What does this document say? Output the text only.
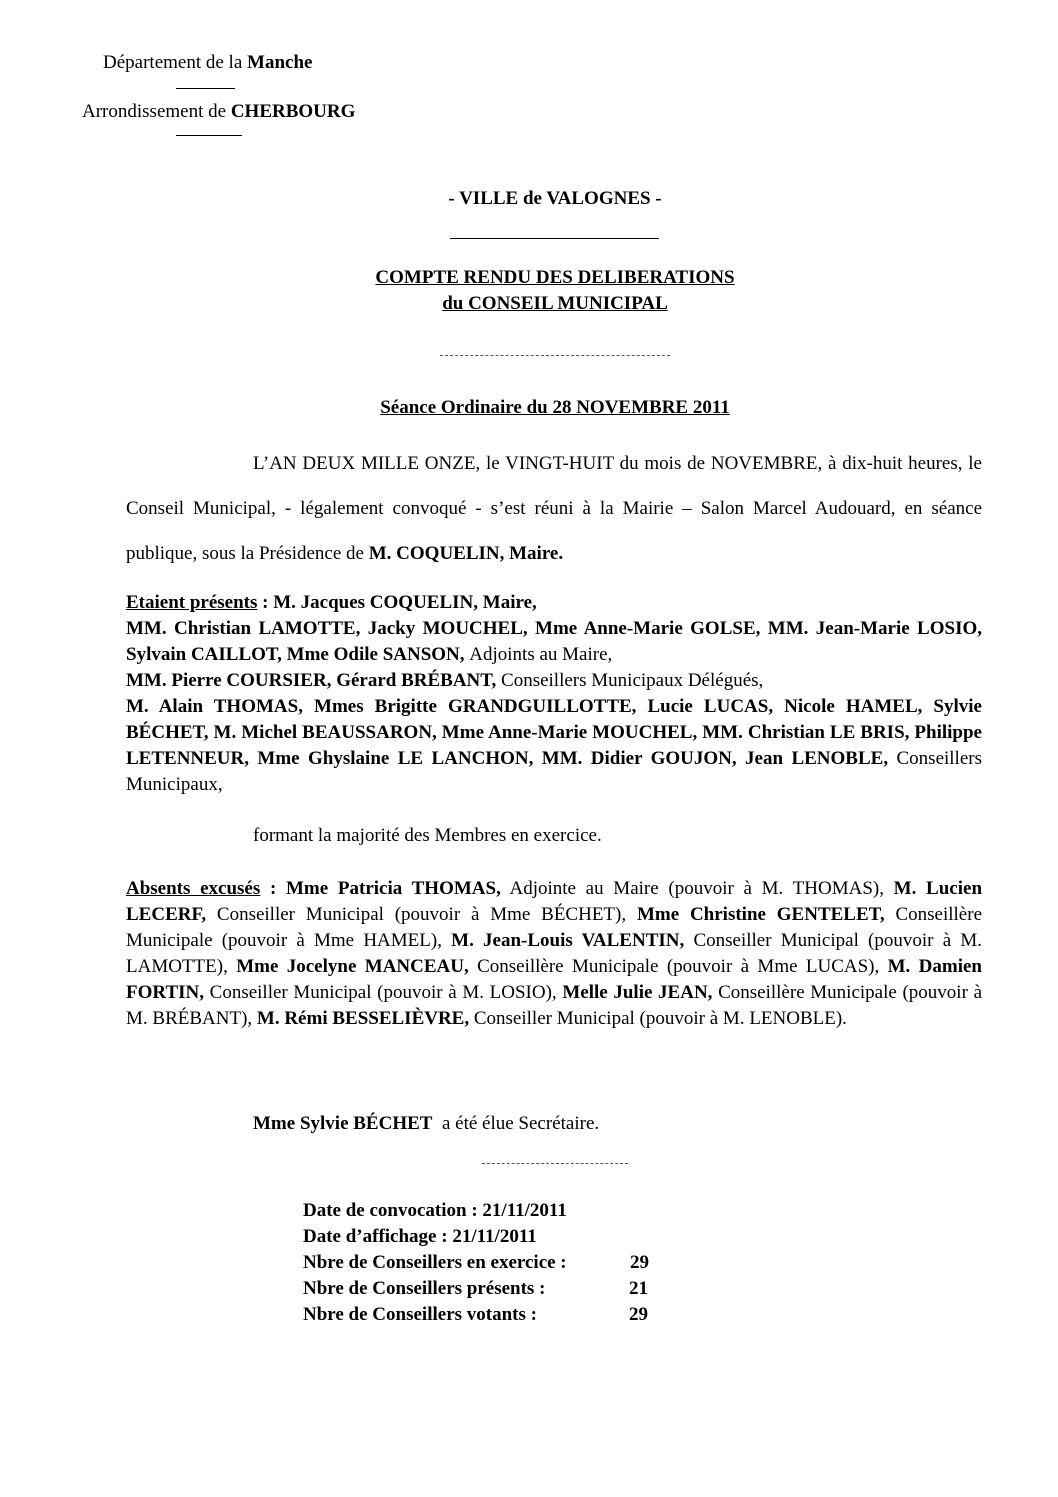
Département de la Manche
Arrondissement de CHERBOURG
- VILLE de VALOGNES -
COMPTE RENDU DES DELIBERATIONS
du CONSEIL MUNICIPAL
Séance Ordinaire du 28 NOVEMBRE 2011
L’AN DEUX MILLE ONZE, le VINGT-HUIT du mois de NOVEMBRE, à dix-huit heures, le Conseil Municipal, - légalement convoqué - s’est réuni à la Mairie – Salon Marcel Audouard, en séance publique, sous la Présidence de M. COQUELIN, Maire.
Etaient présents : M. Jacques COQUELIN, Maire,
MM. Christian LAMOTTE, Jacky MOUCHEL, Mme Anne-Marie GOLSE, MM. Jean-Marie LOSIO, Sylvain CAILLOT, Mme Odile SANSON, Adjoints au Maire,
MM. Pierre COURSIER, Gérard BRÉBANT, Conseillers Municipaux Délégués,
M. Alain THOMAS, Mmes Brigitte GRANDGUILLOTTE, Lucie LUCAS, Nicole HAMEL, Sylvie BÉCHET, M. Michel BEAUSSARON, Mme Anne-Marie MOUCHEL, MM. Christian LE BRIS, Philippe LETENNEUR, Mme Ghyslaine LE LANCHON, MM. Didier GOUJON, Jean LENOBLE, Conseillers Municipaux,
formant la majorité des Membres en exercice.
Absents excusés : Mme Patricia THOMAS, Adjointe au Maire (pouvoir à M. THOMAS), M. Lucien LECERF, Conseiller Municipal (pouvoir à Mme BÉCHET), Mme Christine GENTELET, Conseillère Municipale (pouvoir à Mme HAMEL), M. Jean-Louis VALENTIN, Conseiller Municipal (pouvoir à M. LAMOTTE), Mme Jocelyne MANCEAU, Conseillère Municipale (pouvoir à Mme LUCAS), M. Damien FORTIN, Conseiller Municipal (pouvoir à M. LOSIO), Melle Julie JEAN, Conseillère Municipale (pouvoir à M. BRÉBANT), M. Rémi BESSELIÈVRE, Conseiller Municipal (pouvoir à M. LENOBLE).
Mme Sylvie BÉCHET  a été élue Secrétaire.
Date de convocation : 21/11/2011
Date d’affichage : 21/11/2011
Nbre de Conseillers en exercice :	29
Nbre de Conseillers présents :	21
Nbre de Conseillers votants :	29
